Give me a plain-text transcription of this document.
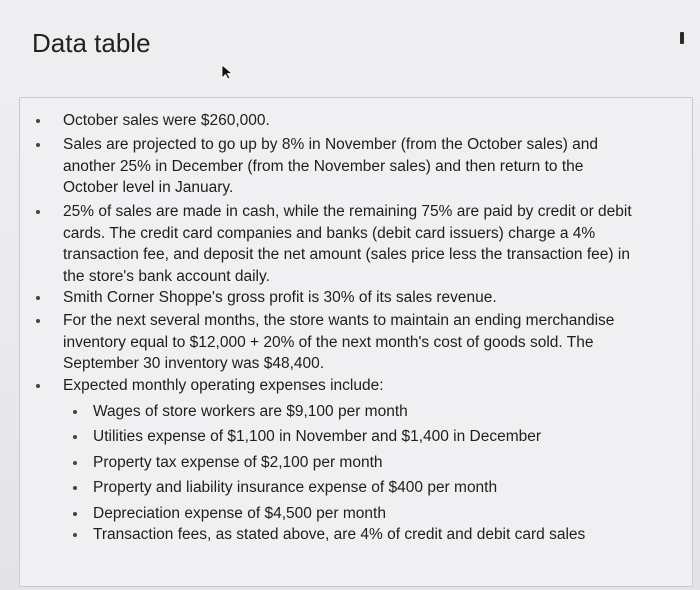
Data table
October sales were $260,000.
Sales are projected to go up by 8% in November (from the October sales) and
another 25% in December (from the November sales) and then return to the
October level in January.
25% of sales are made in cash, while the remaining 75% are paid by credit or debit
cards. The credit card companies and banks (debit card issuers) charge a 4%
transaction fee, and deposit the net amount (sales price less the transaction fee) in
the store's bank account daily.
Smith Corner Shoppe's gross profit is 30% of its sales revenue.
For the next several months, the store wants to maintain an ending merchandise
inventory equal to $12,000 + 20% of the next month's cost of goods sold. The
September 30 inventory was $48,400.
Expected monthly operating expenses include:
Wages of store workers are $9,100 per month
Utilities expense of $1,100 in November and $1,400 in December
Property tax expense of $2,100 per month
Property and liability insurance expense of $400 per month
Depreciation expense of $4,500 per month
Transaction fees, as stated above, are 4% of credit and debit card sales
